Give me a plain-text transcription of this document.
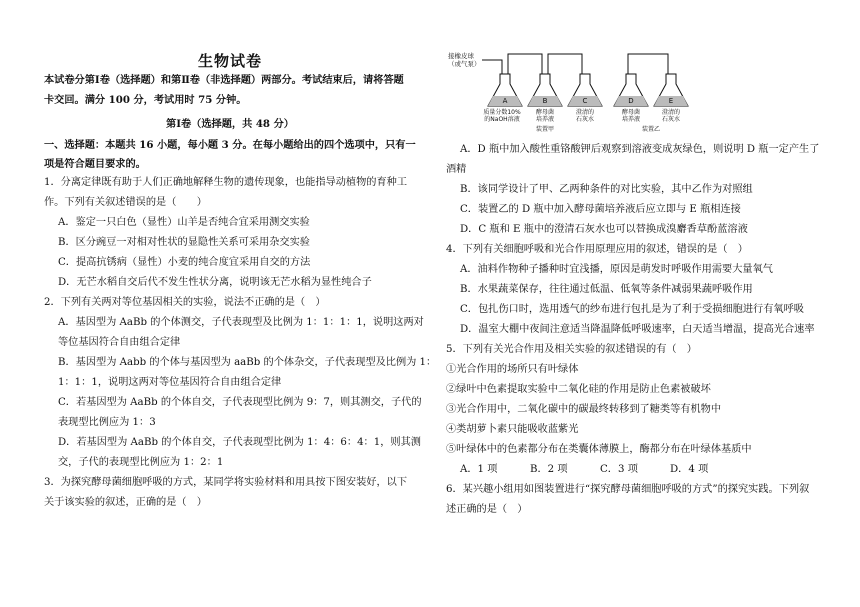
生物试卷
本试卷分第Ⅰ卷（选择题）和第Ⅱ卷（非选择题）两部分。考试结束后，请将答题
卡交回。满分 100 分，考试用时 75 分钟。
第Ⅰ卷（选择题，共 48 分）
一、选择题：本题共 16 小题，每小题 3 分。在每小题给出的四个选项中，只有一
项是符合题目要求的。
1．分离定律既有助于人们正确地解释生物的遗传现象，也能指导动植物的育种工
作。下列有关叙述错误的是（　　）
A．鉴定一只白色（显性）山羊是否纯合宜采用测交实验
B．区分豌豆一对相对性状的显隐性关系可采用杂交实验
C．提高抗锈病（显性）小麦的纯合度宜采用自交的方法
D．无芒水稻自交后代不发生性状分离，说明该无芒水稻为显性纯合子
2．下列有关两对等位基因相关的实验，说法不正确的是（　）
A．基因型为 AaBb 的个体测交，子代表现型及比例为 1：1：1：1，说明这两对
等位基因符合自由组合定律
B．基因型为 Aabb 的个体与基因型为 aaBb 的个体杂交，子代表现型及比例为 1：
1：1：1，说明这两对等位基因符合自由组合定律
C．若基因型为 AaBb 的个体自交，子代表现型比例为 9：7，则其测交，子代的
表现型比例应为 1：3
D．若基因型为 AaBb 的个体自交，子代表现型比例为 1：4：6：4：1，则其测
交，子代的表现型比例应为 1：2：1
3．为探究酵母菌细胞呼吸的方式，某同学将实验材料和用具按下图安装好，以下
关于该实验的叙述，正确的是（　）
接橡皮球
（或气泵）
A	B	C	D	E
质量分数10%
的NaOH溶液
酵母菌
培养液
澄清的
石灰水
酵母菌
培养液
澄清的
石灰水
装置甲	装置乙
A．D 瓶中加入酸性重铬酸钾后观察到溶液变成灰绿色，则说明 D 瓶一定产生了
酒精
B．该同学设计了甲、乙两种条件的对比实验，其中乙作为对照组
C．装置乙的 D 瓶中加入酵母菌培养液后应立即与 E 瓶相连接
D．C 瓶和 E 瓶中的澄清石灰水也可以替换成溴麝香草酚蓝溶液
4．下列有关细胞呼吸和光合作用原理应用的叙述，错误的是（　）
A．油料作物种子播种时宜浅播，原因是萌发时呼吸作用需要大量氧气
B．水果蔬菜保存，往往通过低温、低氧等条件减弱果蔬呼吸作用
C．包扎伤口时，选用透气的纱布进行包扎是为了利于受损细胞进行有氧呼吸
D．温室大棚中夜间注意适当降温降低呼吸速率，白天适当增温，提高光合速率
5．下列有关光合作用及相关实验的叙述错误的有（　）
①光合作用的场所只有叶绿体
②绿叶中色素提取实验中二氧化硅的作用是防止色素被破坏
③光合作用中，二氧化碳中的碳最终转移到了糖类等有机物中
④类胡萝卜素只能吸收蓝紫光
⑤叶绿体中的色素都分布在类囊体薄膜上，酶都分布在叶绿体基质中
A．1 项	B．2 项	C．3 项	D．4 项
6．某兴趣小组用如图装置进行“探究酵母菌细胞呼吸的方式”的探究实践。下列叙
述正确的是（　）
